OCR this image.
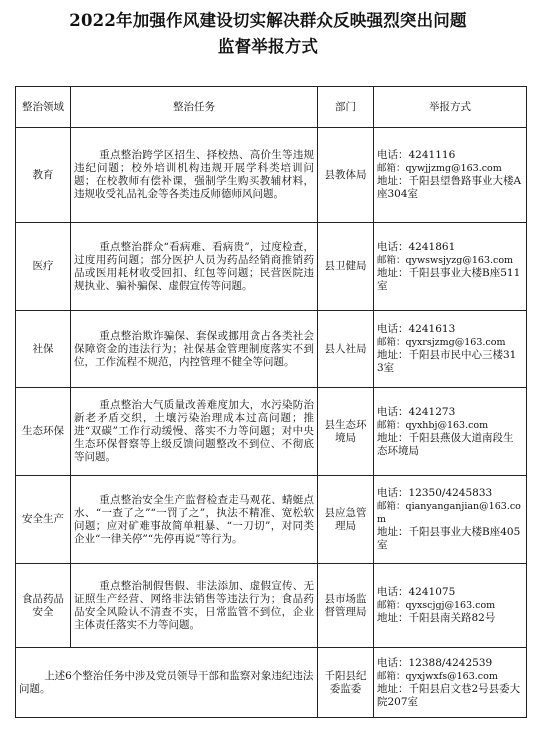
2022年加强作风建设切实解决群众反映强烈突出问题
监督举报方式
整治领域	整治任务	部门	举报方式
教育	重点整治跨学区招生、择校热、高价生等违规违纪问题；校外培训机构违规开展学科类培训问题；在校教师有偿补课，强制学生购买教辅材料，违规收受礼品礼金等各类违反师德师风问题。	县教体局	电话：4241116
邮箱：qywjjzmg@163.com
地址：千阳县望鲁路事业大楼A座304室

医疗	重点整治群众“看病难、看病贵”，过度检查，过度用药问题；部分医护人员为药品经销商推销药品或医用耗材收受回扣、红包等问题；民营医院违规执业、骗补骗保、虚假宣传等问题。	县卫健局	电话：4241861
邮箱：qywswsjyzg@163.com
地址：千阳县事业大楼B座511室

社保	重点整治欺诈骗保、套保或挪用贪占各类社会保障资金的违法行为；社保基金管理制度落实不到位，工作流程不规范，内控管理不健全等问题。	县人社局	电话：4241613
邮箱：qyxrsjzmg@163.com
地址：千阳县市民中心三楼313室

生态环保	重点整治大气质量改善难度加大，水污染防治新老矛盾交织，土壤污染治理成本过高问题；推进“双碳”工作行动缓慢、落实不力等问题；对中央生态环保督察等上级反馈问题整改不到位、不彻底等问题。	县生态环境局	电话：4241273
邮箱：qyxhbj@163.com
地址：千阳县燕伋大道南段生态环境局

安全生产	重点整治安全生产监督检查走马观花、蜻蜓点水、“一查了之”“一罚了之”，执法不精准、宽松软问题；应对矿难事故简单粗暴、“一刀切”，对同类企业“一律关停”“先停再说”等行为。	县应急管理局	电话：12350/4245833
邮箱：qianyanganjian@163.com
地址：千阳县事业大楼B座405室

食品药品安全	重点整治制假售假、非法添加、虚假宣传、无证照生产经营、网络非法销售等违法行为；食品药品安全风险认不清查不实，日常监管不到位，企业主体责任落实不力等问题。	县市场监督管理局	电话：4241075
邮箱：qyxscjgj@163.com
地址：千阳县南关路82号

上述6个整治任务中涉及党员领导干部和监察对象违纪违法问题。		千阳县纪委监委	电话：12388/4242539
邮箱：qyxjwxfs@163.com
地址：千阳县启文巷2号县委大院207室
